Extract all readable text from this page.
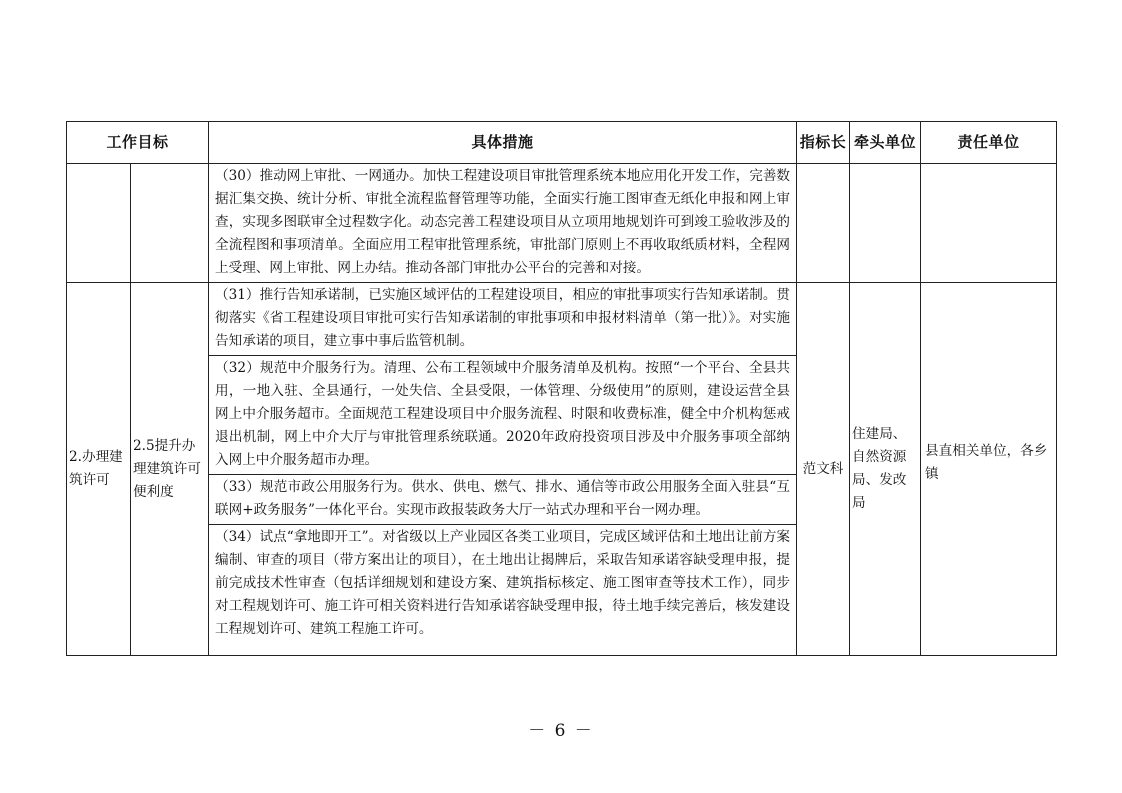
工作目标		具体措施	指标长	牵头单位	责任单位
		（30）推动网上审批、一网通办。加快工程建设项目审批管理系统本地应用化开发工作，完善数据汇集交换、统计分析、审批全流程监督管理等功能，全面实行施工图审查无纸化申报和网上审查，实现多图联审全过程数字化。动态完善工程建设项目从立项用地规划许可到竣工验收涉及的全流程图和事项清单。全面应用工程审批管理系统，审批部门原则上不再收取纸质材料，全程网上受理、网上审批、网上办结。推动各部门审批办公平台的完善和对接。			
2.办理建筑许可	2.5提升办理建筑许可便利度	（31）推行告知承诺制，已实施区域评估的工程建设项目，相应的审批事项实行告知承诺制。贯彻落实《省工程建设项目审批可实行告知承诺制的审批事项和申报材料清单（第一批）》。对实施告知承诺的项目，建立事中事后监管机制。	范文科	住建局、自然资源局、发改局	县直相关单位，各乡镇
		（32）规范中介服务行为。清理、公布工程领域中介服务清单及机构。按照“一个平台、全县共用，一地入驻、全县通行，一处失信、全县受限，一体管理、分级使用”的原则，建设运营全县网上中介服务超市。全面规范工程建设项目中介服务流程、时限和收费标准，健全中介机构惩戒退出机制，网上中介大厅与审批管理系统联通。2020年政府投资项目涉及中介服务事项全部纳入网上中介服务超市办理。			
		（33）规范市政公用服务行为。供水、供电、燃气、排水、通信等市政公用服务全面入驻县“互联网+政务服务”一体化平台。实现市政报装政务大厅一站式办理和平台一网办理。			
		（34）试点“拿地即开工”。对省级以上产业园区各类工业项目，完成区域评估和土地出让前方案编制、审查的项目（带方案出让的项目），在土地出让揭牌后，采取告知承诺容缺受理申报，提前完成技术性审查（包括详细规划和建设方案、建筑指标核定、施工图审查等技术工作），同步对工程规划许可、施工许可相关资料进行告知承诺容缺受理申报，待土地手续完善后，核发建设工程规划许可、建筑工程施工许可。			
－ 6 －
